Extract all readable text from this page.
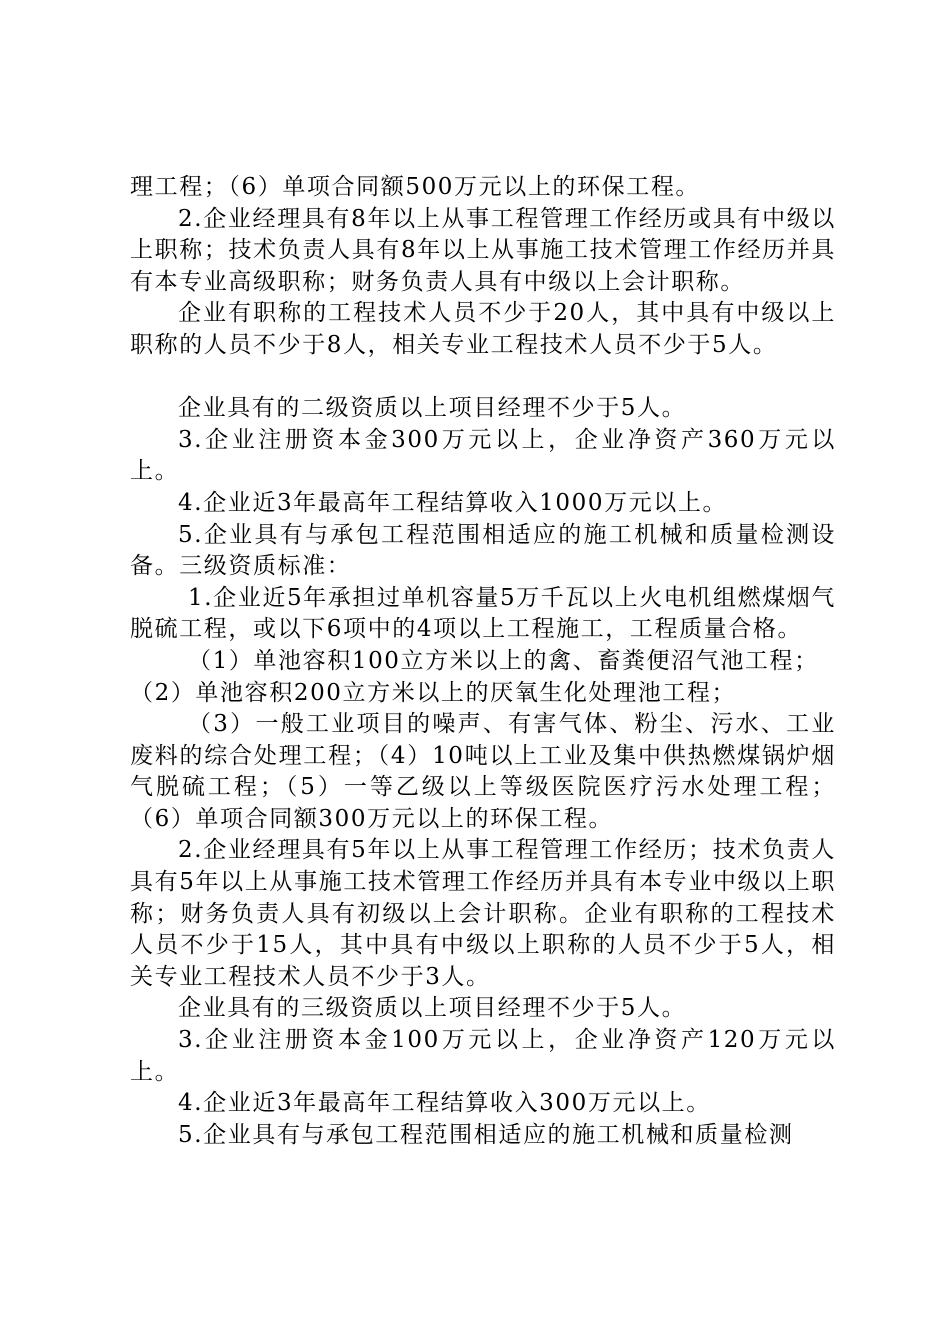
理工程；（6）单项合同额500万元以上的环保工程。

2.企业经理具有8年以上从事工程管理工作经历或具有中级以上职称；技术负责人具有8年以上从事施工技术管理工作经历并具有本专业高级职称；财务负责人具有中级以上会计职称。

企业有职称的工程技术人员不少于20人，其中具有中级以上职称的人员不少于8人，相关专业工程技术人员不少于5人。

企业具有的二级资质以上项目经理不少于5人。

3.企业注册资本金300万元以上，企业净资产360万元以上。

4.企业近3年最高年工程结算收入1000万元以上。

5.企业具有与承包工程范围相适应的施工机械和质量检测设备。三级资质标准：

1.企业近5年承担过单机容量5万千瓦以上火电机组燃煤烟气脱硫工程，或以下6项中的4项以上工程施工，工程质量合格。

（1）单池容积100立方米以上的禽、畜粪便沼气池工程；

（2）单池容积200立方米以上的厌氧生化处理池工程；

（3）一般工业项目的噪声、有害气体、粉尘、污水、工业废料的综合处理工程；（4）10吨以上工业及集中供热燃煤锅炉烟气脱硫工程；（5）一等乙级以上等级医院医疗污水处理工程；（6）单项合同额300万元以上的环保工程。

2.企业经理具有5年以上从事工程管理工作经历；技术负责人具有5年以上从事施工技术管理工作经历并具有本专业中级以上职称；财务负责人具有初级以上会计职称。企业有职称的工程技术人员不少于15人，其中具有中级以上职称的人员不少于5人，相关专业工程技术人员不少于3人。

企业具有的三级资质以上项目经理不少于5人。

3.企业注册资本金100万元以上，企业净资产120万元以上。

4.企业近3年最高年工程结算收入300万元以上。

5.企业具有与承包工程范围相适应的施工机械和质量检测
